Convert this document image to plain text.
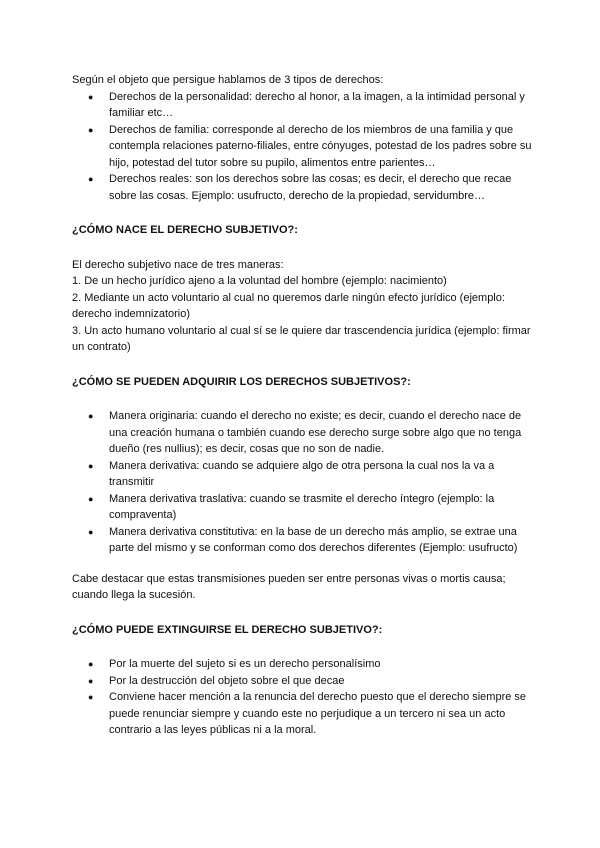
Según el objeto que persigue hablamos de 3 tipos de derechos:

● Derechos de la personalidad: derecho al honor, a la imagen, a la intimidad personal y familiar etc…
● Derechos de familia: corresponde al derecho de los miembros de una familia y que contempla relaciones paterno-filiales, entre cónyuges, potestad de los padres sobre su hijo, potestad del tutor sobre su pupilo, alimentos entre parientes…
● Derechos reales: son los derechos sobre las cosas; es decir, el derecho que recae sobre las cosas. Ejemplo: usufructo, derecho de la propiedad, servidumbre…

¿CÓMO NACE EL DERECHO SUBJETIVO?:

El derecho subjetivo nace de tres maneras:

1. De un hecho jurídico ajeno a la voluntad del hombre (ejemplo: nacimiento)

2. Mediante un acto voluntario al cual no queremos darle ningún efecto jurídico (ejemplo: derecho indemnizatorio)

3. Un acto humano voluntario al cual sí se le quiere dar trascendencia jurídica (ejemplo: firmar un contrato)

¿CÓMO SE PUEDEN ADQUIRIR LOS DERECHOS SUBJETIVOS?:

● Manera originaria: cuando el derecho no existe; es decir, cuando el derecho nace de una creación humana o también cuando ese derecho surge sobre algo que no tenga dueño (res nullius); es decir, cosas que no son de nadie.
● Manera derivativa: cuando se adquiere algo de otra persona la cual nos la va a transmitir
● Manera derivativa traslativa: cuando se trasmite el derecho íntegro (ejemplo: la compraventa)
● Manera derivativa constitutiva: en la base de un derecho más amplio, se extrae una parte del mismo y se conforman como dos derechos diferentes (Ejemplo: usufructo)

Cabe destacar que estas transmisiones pueden ser entre personas vivas o mortis causa; cuando llega la sucesión.

¿CÓMO PUEDE EXTINGUIRSE EL DERECHO SUBJETIVO?:

● Por la muerte del sujeto si es un derecho personalísimo
● Por la destrucción del objeto sobre el que decae
● Conviene hacer mención a la renuncia del derecho puesto que el derecho siempre se puede renunciar siempre y cuando este no perjudique a un tercero ni sea un acto contrario a las leyes públicas ni a la moral.
